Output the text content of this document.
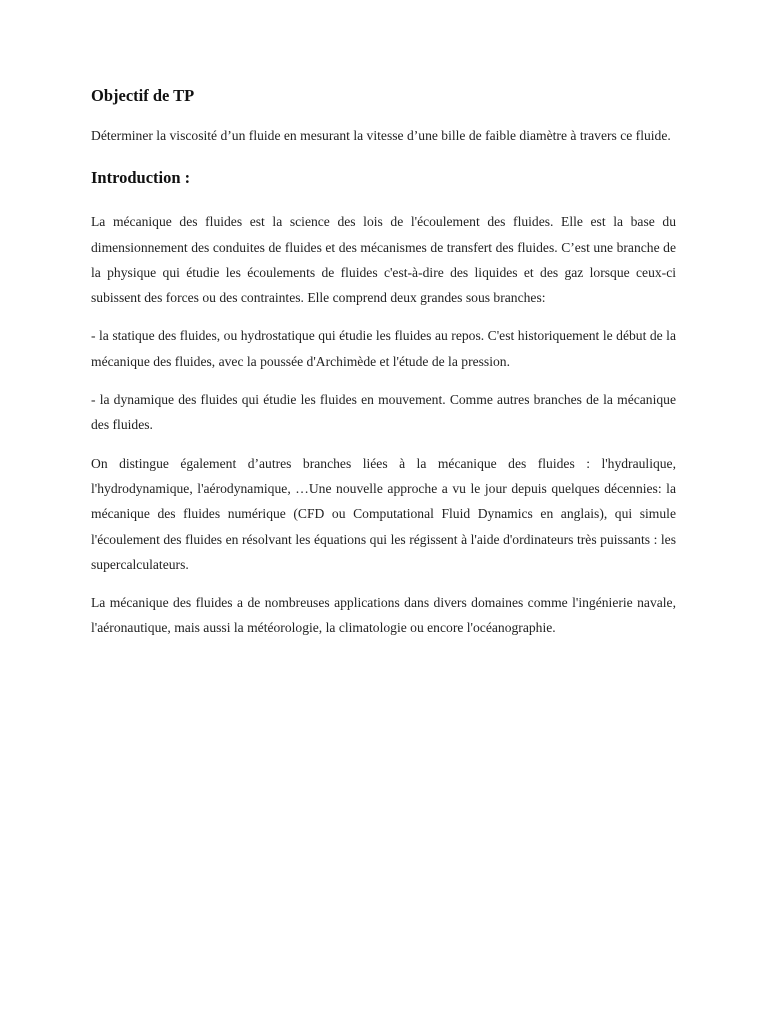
Objectif de TP

Déterminer la viscosité d’un fluide en mesurant la vitesse d’une bille de faible diamètre à travers ce fluide.

Introduction :

La mécanique des fluides est la science des lois de l'écoulement des fluides. Elle est la base du dimensionnement des conduites de fluides et des mécanismes de transfert des fluides. C’est une branche de la physique qui étudie les écoulements de fluides c'est-à-dire des liquides et des gaz lorsque ceux-ci subissent des forces ou des contraintes. Elle comprend deux grandes sous branches:

- la statique des fluides, ou hydrostatique qui étudie les fluides au repos. C'est historiquement le début de la mécanique des fluides, avec la poussée d'Archimède et l'étude de la pression.

- la dynamique des fluides qui étudie les fluides en mouvement. Comme autres branches de la mécanique des fluides.

On distingue également d’autres branches liées à la mécanique des fluides : l'hydraulique, l'hydrodynamique, l'aérodynamique, …Une nouvelle approche a vu le jour depuis quelques décennies: la mécanique des fluides numérique (CFD ou Computational Fluid Dynamics en anglais), qui simule l'écoulement des fluides en résolvant les équations qui les régissent à l'aide d'ordinateurs très puissants : les supercalculateurs.

La mécanique des fluides a de nombreuses applications dans divers domaines comme l'ingénierie navale, l'aéronautique, mais aussi la météorologie, la climatologie ou encore l'océanographie.
